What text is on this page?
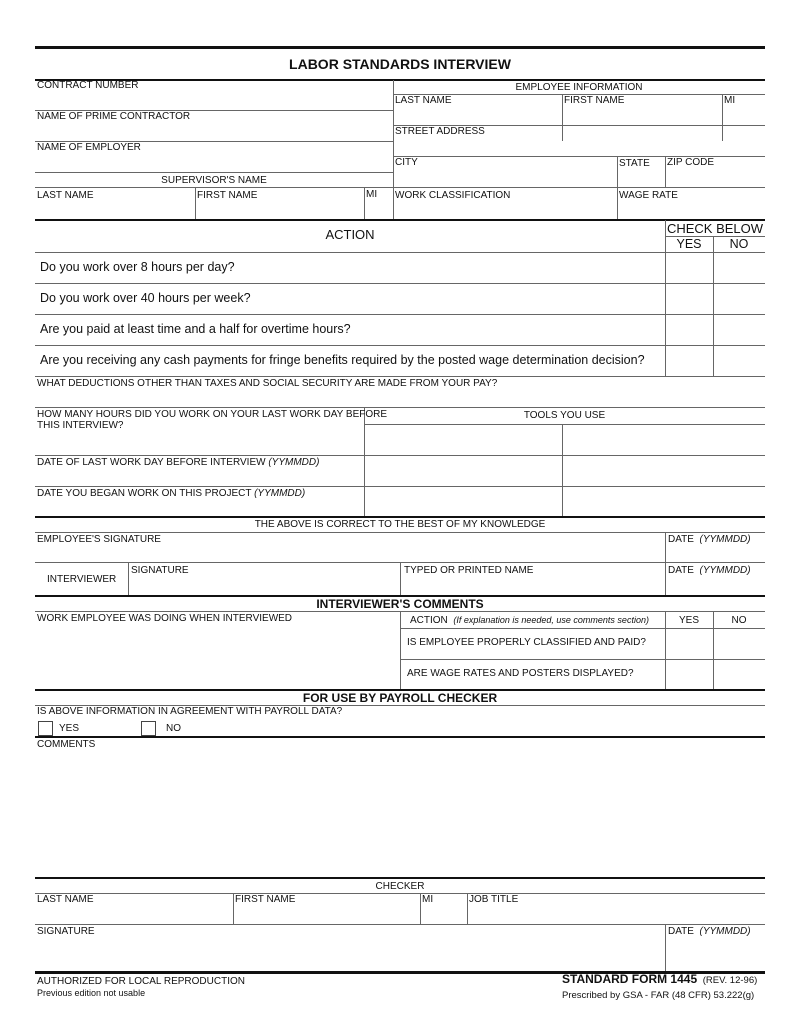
LABOR STANDARDS INTERVIEW
CONTRACT NUMBER
NAME OF PRIME CONTRACTOR
NAME OF EMPLOYER
SUPERVISOR'S NAME
LAST NAME	FIRST NAME	MI
EMPLOYEE INFORMATION
LAST NAME	FIRST NAME	MI
STREET ADDRESS
CITY	STATE ZIP CODE
WORK CLASSIFICATION	WAGE RATE
ACTION	CHECK BELOW
YES	NO
Do you work over 8 hours per day?
Do you work over 40 hours per week?
Are you paid at least time and a half for overtime hours?
Are you receiving any cash payments for fringe benefits required by the posted wage determination decision?
WHAT DEDUCTIONS OTHER THAN TAXES AND SOCIAL SECURITY ARE MADE FROM YOUR PAY?
HOW MANY HOURS DID YOU WORK ON YOUR LAST WORK DAY BEFORE
THIS INTERVIEW?
TOOLS YOU USE
DATE OF LAST WORK DAY BEFORE INTERVIEW (YYMMDD)
DATE YOU BEGAN WORK ON THIS PROJECT (YYMMDD)
THE ABOVE IS CORRECT TO THE BEST OF MY KNOWLEDGE
EMPLOYEE'S SIGNATURE	DATE (YYMMDD)
INTERVIEWER
SIGNATURE	TYPED OR PRINTED NAME	DATE (YYMMDD)
INTERVIEWER'S COMMENTS
WORK EMPLOYEE WAS DOING WHEN INTERVIEWED	ACTION (If explanation is needed, use comments section)	YES	NO
IS EMPLOYEE PROPERLY CLASSIFIED AND PAID?
ARE WAGE RATES AND POSTERS DISPLAYED?
FOR USE BY PAYROLL CHECKER
IS ABOVE INFORMATION IN AGREEMENT WITH PAYROLL DATA?
YES	NO
COMMENTS
CHECKER
LAST NAME	FIRST NAME	MI	JOB TITLE
SIGNATURE	DATE (YYMMDD)
AUTHORIZED FOR LOCAL REPRODUCTION
Previous edition not usable
STANDARD FORM 1445 (REV. 12-96)
Prescribed by GSA - FAR (48 CFR) 53.222(g)
